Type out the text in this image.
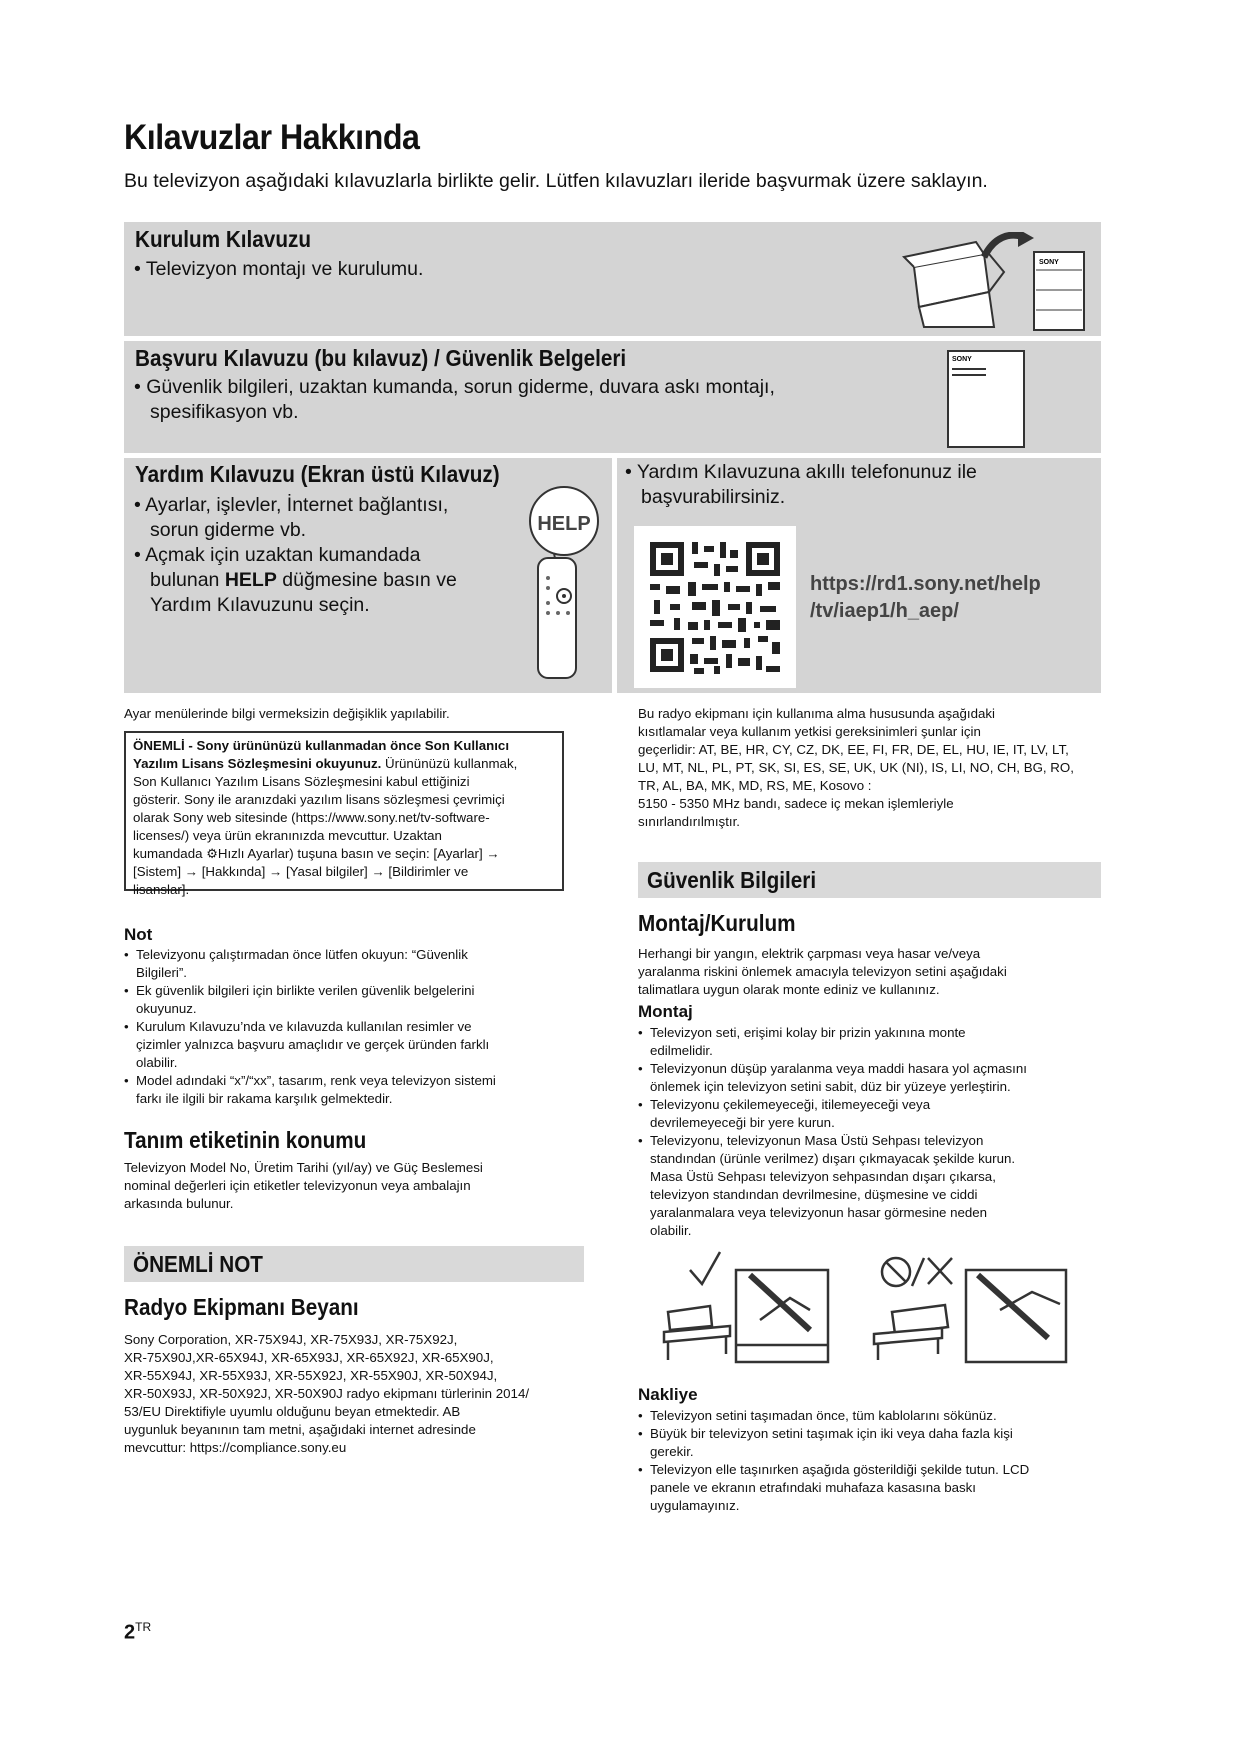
Kılavuzlar Hakkında
Bu televizyon aşağıdaki kılavuzlarla birlikte gelir. Lütfen kılavuzları ileride başvurmak üzere saklayın.
Kurulum Kılavuzu
• Televizyon montajı ve kurulumu.	SONY
Başvuru Kılavuzu (bu kılavuz) / Güvenlik Belgeleri
• Güvenlik bilgileri, uzaktan kumanda, sorun giderme, duvara askı montajı,
spesifikasyon vb.
SONY
Yardım Kılavuzu (Ekran üstü Kılavuz)
• Ayarlar, işlevler, İnternet bağlantısı,
sorun giderme vb.
• Açmak için uzaktan kumandada
bulunan HELP düğmesine basın ve
Yardım Kılavuzunu seçin.
HELP
• Yardım Kılavuzuna akıllı telefonunuz ile
başvurabilirsiniz.
https://rd1.sony.net/help
/tv/iaep1/h_aep/
Ayar menülerinde bilgi vermeksizin değişiklik yapılabilir.
ÖNEMLİ - Sony ürününüzü kullanmadan önce Son Kullanıcı
Yazılım Lisans Sözleşmesini okuyunuz. Ürününüzü kullanmak,
Son Kullanıcı Yazılım Lisans Sözleşmesini kabul ettiğinizi
gösterir. Sony ile aranızdaki yazılım lisans sözleşmesi çevrimiçi
olarak Sony web sitesinde (https://www.sony.net/tv-software-
licenses/) veya ürün ekranınızda mevcuttur. Uzaktan
kumandada ⚙Hızlı Ayarlar) tuşuna basın ve seçin: [Ayarlar] →
[Sistem] → [Hakkında] → [Yasal bilgiler] → [Bildirimler ve
lisanslar].
Not
• Televizyonu çalıştırmadan önce lütfen okuyun: “Güvenlik
Bilgileri”.
• Ek güvenlik bilgileri için birlikte verilen güvenlik belgelerini
okuyunuz.
• Kurulum Kılavuzu’nda ve kılavuzda kullanılan resimler ve
çizimler yalnızca başvuru amaçlıdır ve gerçek üründen farklı
olabilir.
• Model adındaki “x”/“xx”, tasarım, renk veya televizyon sistemi
farkı ile ilgili bir rakama karşılık gelmektedir.
Tanım etiketinin konumu
Televizyon Model No, Üretim Tarihi (yıl/ay) ve Güç Beslemesi
nominal değerleri için etiketler televizyonun veya ambalajın
arkasında bulunur.
ÖNEMLİ NOT
Radyo Ekipmanı Beyanı
Sony Corporation, XR-75X94J, XR-75X93J, XR-75X92J,
XR-75X90J,XR-65X94J, XR-65X93J, XR-65X92J, XR-65X90J,
XR-55X94J, XR-55X93J, XR-55X92J, XR-55X90J, XR-50X94J,
XR-50X93J, XR-50X92J, XR-50X90J radyo ekipmanı türlerinin 2014/
53/EU Direktifiyle uyumlu olduğunu beyan etmektedir. AB
uygunluk beyanının tam metni, aşağıdaki internet adresinde
mevcuttur: https://compliance.sony.eu
Bu radyo ekipmanı için kullanıma alma hususunda aşağıdaki
kısıtlamalar veya kullanım yetkisi gereksinimleri şunlar için
geçerlidir: AT, BE, HR, CY, CZ, DK, EE, FI, FR, DE, EL, HU, IE, IT, LV, LT,
LU, MT, NL, PL, PT, SK, SI, ES, SE, UK, UK (NI), IS, LI, NO, CH, BG, RO,
TR, AL, BA, MK, MD, RS, ME, Kosovo :
5150 - 5350 MHz bandı, sadece iç mekan işlemleriyle
sınırlandırılmıştır.
Güvenlik Bilgileri
Montaj/Kurulum
Herhangi bir yangın, elektrik çarpması veya hasar ve/veya
yaralanma riskini önlemek amacıyla televizyon setini aşağıdaki
talimatlara uygun olarak monte ediniz ve kullanınız.
Montaj
• Televizyon seti, erişimi kolay bir prizin yakınına monte
edilmelidir.
• Televizyonun düşüp yaralanma veya maddi hasara yol açmasını
önlemek için televizyon setini sabit, düz bir yüzeye yerleştirin.
• Televizyonu çekilemeyeceği, itilemeyeceği veya
devrilemeyeceği bir yere kurun.
• Televizyonu, televizyonun Masa Üstü Sehpası televizyon
standından (ürünle verilmez) dışarı çıkmayacak şekilde kurun.
Masa Üstü Sehpası televizyon sehpasından dışarı çıkarsa,
televizyon standından devrilmesine, düşmesine ve ciddi
yaralanmalara veya televizyonun hasar görmesine neden
olabilir.
Nakliye
• Televizyon setini taşımadan önce, tüm kablolarını sökünüz.
• Büyük bir televizyon setini taşımak için iki veya daha fazla kişi
gerekir.
• Televizyon elle taşınırken aşağıda gösterildiği şekilde tutun. LCD
panele ve ekranın etrafındaki muhafaza kasasına baskı
uygulamayınız.
$2^{TR}$
